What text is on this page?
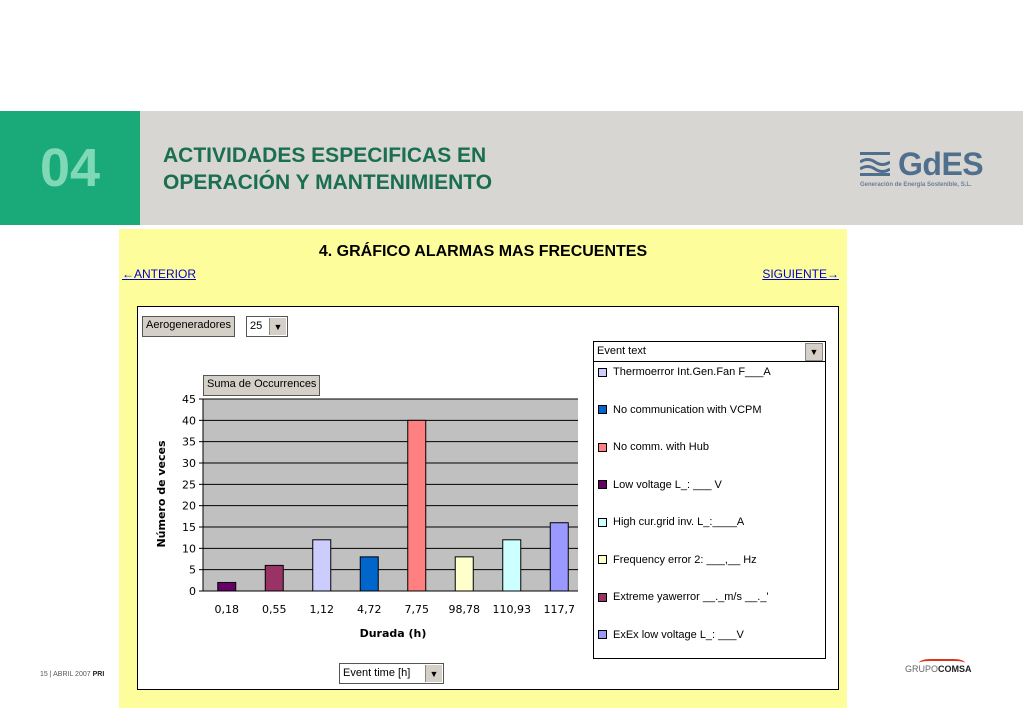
04	ACTIVIDADES ESPECIFICAS EN
OPERACIÓN Y MANTENIMIENTO
GdES
Generación de Energía Sostenible, S.L.
4. GRÁFICO ALARMAS MAS FRECUENTES
←ANTERIOR	SIGUIENTE→
Aerogeneradores	25	▼
Suma de Occurrences
0
5
10
15
20
25
30
35
40
45
0,18 0,55 1,12 4,72 7,75 98,78 110,93 117,7
Número de veces
Durada (h)
Event time [h]	▼
Event text	▼
Thermoerror Int.Gen.Fan F___A
No communication with VCPM
No comm. with Hub
Low voltage L_: ___ V
High cur.grid inv. L_:____A
Frequency error 2: ___,__ Hz
Extreme yawerror __._m/s __._'
ExEx low voltage L_: ___V
15 | ABRIL 2007 PRI
GRUPOCOMSA
